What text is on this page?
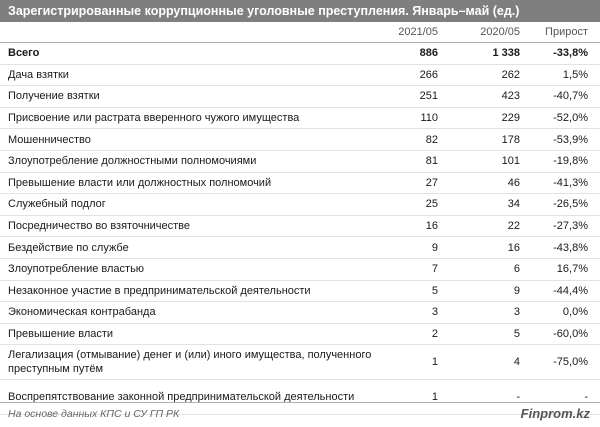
Зарегистрированные коррупционные уголовные преступления. Январь–май (ед.)
	2021/05	2020/05	Прирост
Всего	886	1 338	-33,8%
Дача взятки	266	262	1,5%
Получение взятки	251	423	-40,7%
Присвоение или растрата вверенного чужого имущества	110	229	-52,0%
Мошенничество	82	178	-53,9%
Злоупотребление должностными полномочиями	81	101	-19,8%
Превышение власти или должностных полномочий	27	46	-41,3%
Служебный подлог	25	34	-26,5%
Посредничество во взяточничестве	16	22	-27,3%
Бездействие по службе	9	16	-43,8%
Злоупотребление властью	7	6	16,7%
Незаконное участие в предпринимательской деятельности	5	9	-44,4%
Экономическая контрабанда	3	3	0,0%
Превышение власти	2	5	-60,0%
Легализация (отмывание) денег и (или) иного имущества, полученного преступным путём	1	4	-75,0%
Воспрепятствование законной предпринимательской деятельности	1	-	-
На основе данных КПС и СУ ГП РК	Finprom.kz
